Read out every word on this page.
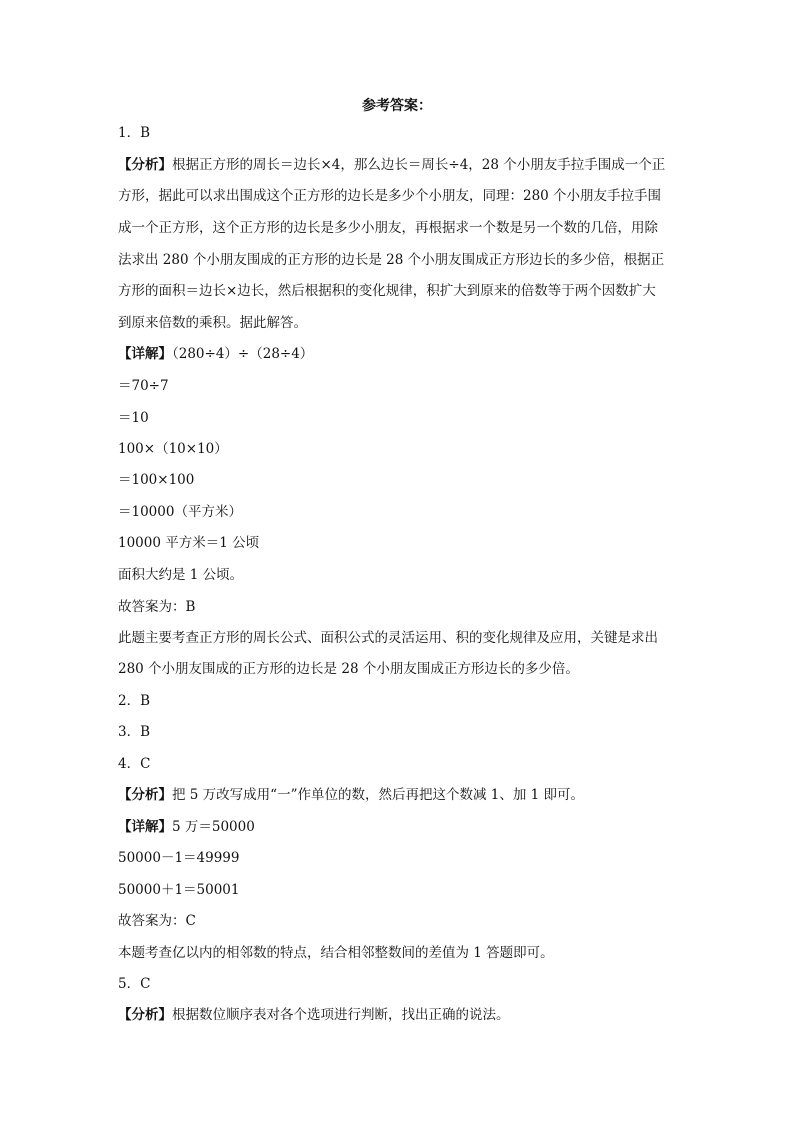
参考答案：
1．B
【分析】根据正方形的周长＝边长×4，那么边长＝周长÷4，28 个小朋友手拉手围成一个正
方形，据此可以求出围成这个正方形的边长是多少个小朋友，同理：280 个小朋友手拉手围
成一个正方形，这个正方形的边长是多少小朋友，再根据求一个数是另一个数的几倍，用除
法求出 280 个小朋友围成的正方形的边长是 28 个小朋友围成正方形边长的多少倍，根据正
方形的面积＝边长×边长，然后根据积的变化规律，积扩大到原来的倍数等于两个因数扩大
到原来倍数的乘积。据此解答。
【详解】（280÷4）÷（28÷4）
＝70÷7
＝10
100×（10×10）
＝100×100
＝10000（平方米）
10000 平方米＝1 公顷
面积大约是 1 公顷。
故答案为：B
此题主要考查正方形的周长公式、面积公式的灵活运用、积的变化规律及应用，关键是求出
280 个小朋友围成的正方形的边长是 28 个小朋友围成正方形边长的多少倍。
2．B
3．B
4．C
【分析】把 5 万改写成用“一”作单位的数，然后再把这个数减 1、加 1 即可。
【详解】5 万＝50000
50000－1＝49999
50000＋1＝50001
故答案为：C
本题考查亿以内的相邻数的特点，结合相邻整数间的差值为 1 答题即可。
5．C
【分析】根据数位顺序表对各个选项进行判断，找出正确的说法。
